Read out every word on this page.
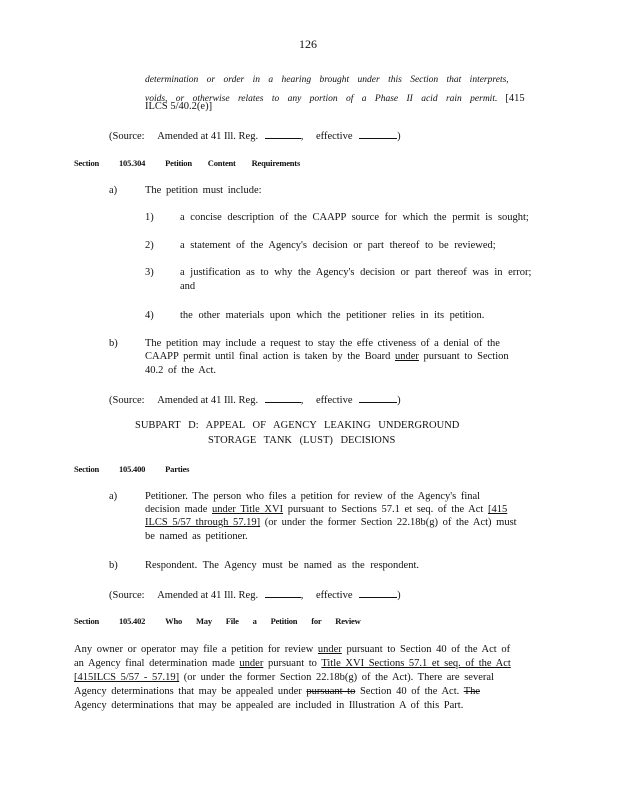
126
determination or order in a hearing brought under this Section that interprets,
voids, or otherwise relates to any portion of a Phase II acid rain permit. [415
ILCS 5/40.2(e)]
(Source: Amended at 41 Ill. Reg.	, effective	)
Section 105.304 Petition Content Requirements
a)	The petition must include:
1)	a concise description of the CAAPP source for which the permit is sought;
2)	a statement of the Agency's decision or part thereof to be reviewed;
3)	a justification as to why the Agency's decision or part thereof was in error;
and
4)	the other materials upon which the petitioner relies in its petition.
b)	The petition may include a request to stay the effe ctiveness of a denial of the
CAAPP permit until final action is taken by the Board under pursuant to Section
40.2 of the Act.
(Source: Amended at 41 Ill. Reg.	, effective	)
SUBPART D: APPEAL OF AGENCY LEAKING UNDERGROUND
STORAGE TANK (LUST) DECISIONS
Section 105.400 Parties
a)	Petitioner. The person who files a petition for review of the Agency's final
decision made under Title XVI pursuant to Sections 57.1 et seq. of the Act [415
ILCS 5/57 through 57.19] (or under the former Section 22.18b(g) of the Act) must
be named as petitioner.
b)	Respondent. The Agency must be named as the respondent.
(Source: Amended at 41 Ill. Reg.	, effective	)
Section 105.402 Who May File a Petition for Review
Any owner or operator may file a petition for review under pursuant to Section 40 of the Act of
an Agency final determination made under pursuant to Title XVI Sections 57.1 et seq. of the Act
[415ILCS 5/57 - 57.19] (or under the former Section 22.18b(g) of the Act). There are several
Agency determinations that may be appealed under pursuant to Section 40 of the Act. The
Agency determinations that may be appealed are included in Illustration A of this Part.
